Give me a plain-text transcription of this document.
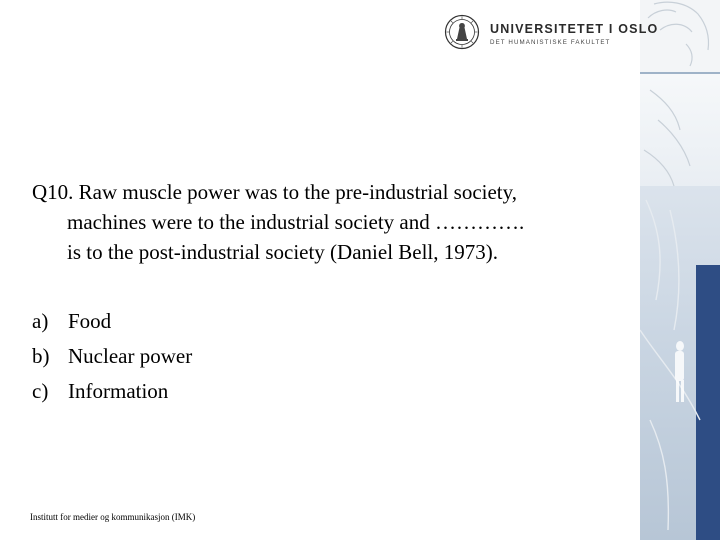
UNIVERSITETET I OSLO
DET HUMANISTISKE FAKULTET
Q10. Raw muscle power was to the pre-industrial society,
machines were to the industrial society and ………….
is to the post-industrial society (Daniel Bell, 1973).
a) Food
b) Nuclear power
c) Information
Institutt for medier og kommunikasjon (IMK)
